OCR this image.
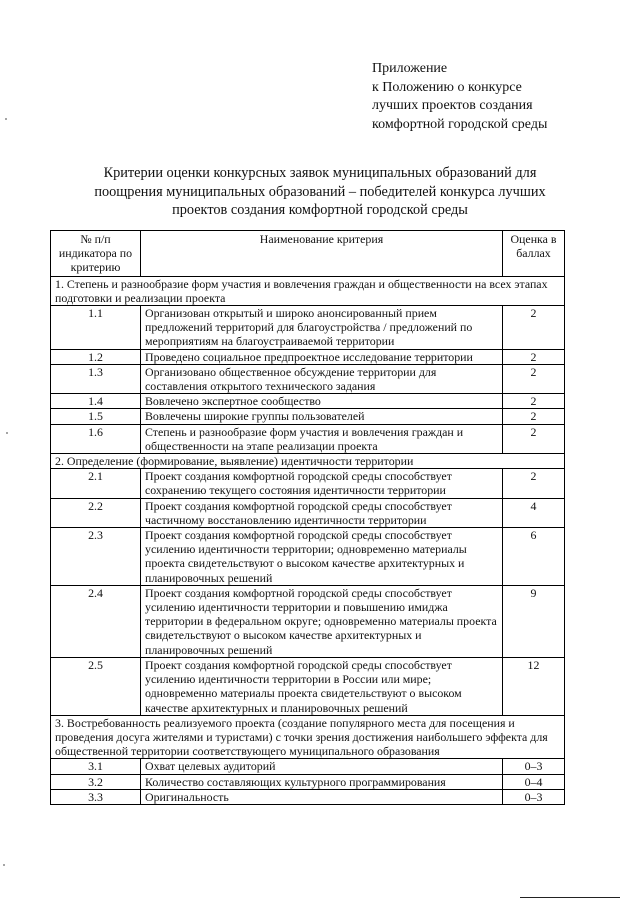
Приложение
к Положению о конкурсе
лучших проектов создания
комфортной городской среды
Критерии оценки конкурсных заявок муниципальных образований для
поощрения муниципальных образований – победителей конкурса лучших
проектов создания комфортной городской среды
№ п/п индикатора по критерию	Наименование критерия	Оценка в баллах
1. Степень и разнообразие форм участия и вовлечения граждан и общественности на всех этапах подготовки и реализации проекта		
1.1	Организован открытый и широко анонсированный прием предложений территорий для благоустройства / предложений по мероприятиям на благоустраиваемой территории	2
1.2	Проведено социальное предпроектное исследование территории	2
1.3	Организовано общественное обсуждение территории для составления открытого технического задания	2
1.4	Вовлечено экспертное сообщество	2
1.5	Вовлечены широкие группы пользователей	2
1.6	Степень и разнообразие форм участия и вовлечения граждан и общественности на этапе реализации проекта	2
2. Определение (формирование, выявление) идентичности территории		
2.1	Проект создания комфортной городской среды способствует сохранению текущего состояния идентичности территории	2
2.2	Проект создания комфортной городской среды способствует частичному восстановлению идентичности территории	4
2.3	Проект создания комфортной городской среды способствует усилению идентичности территории; одновременно материалы проекта свидетельствуют о высоком качестве архитектурных и планировочных решений	6
2.4	Проект создания комфортной городской среды способствует усилению идентичности территории и повышению имиджа территории в федеральном округе; одновременно материалы проекта свидетельствуют о высоком качестве архитектурных и планировочных решений	9
2.5	Проект создания комфортной городской среды способствует усилению идентичности территории в России или мире; одновременно материалы проекта свидетельствуют о высоком качестве архитектурных и планировочных решений	12
3. Востребованность реализуемого проекта (создание популярного места для посещения и проведения досуга жителями и туристами) с точки зрения достижения наибольшего эффекта для общественной территории соответствующего муниципального образования		
3.1	Охват целевых аудиторий	0–3
3.2	Количество составляющих культурного программирования	0–4
3.3	Оригинальность	0–3
